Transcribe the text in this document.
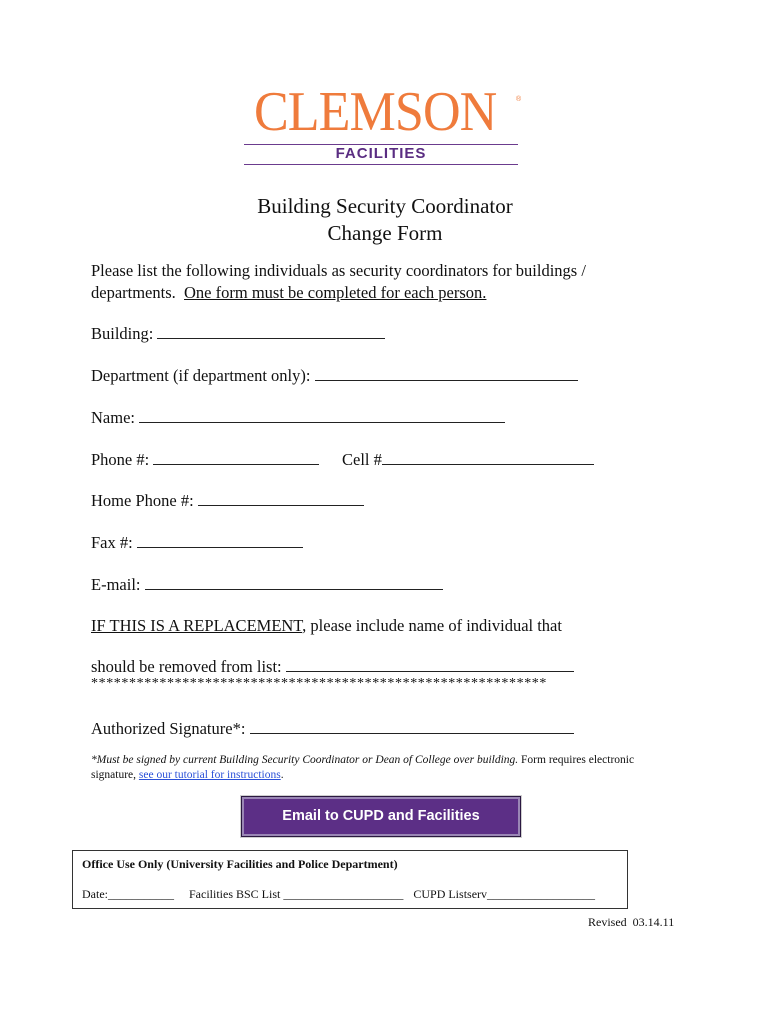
CLEMSON	®
FACILITIES
Building Security Coordinator
Change Form
Please list the following individuals as security coordinators for buildings /
departments.  One form must be completed for each person.
Building:
Department (if department only):
Name:
Phone #:	Cell #
Home Phone #:
Fax #:
E-mail:
IF THIS IS A REPLACEMENT, please include name of individual that
should be removed from list:
************************************************************
Authorized Signature*:
*Must be signed by current Building Security Coordinator or Dean of College over building. Form requires electronic signature, see our tutorial for instructions.
Email to CUPD and Facilities
Office Use Only (University Facilities and Police Department)
Date:___________ Facilities BSC List ____________________ CUPD Listserv__________________
Revised  03.14.11
